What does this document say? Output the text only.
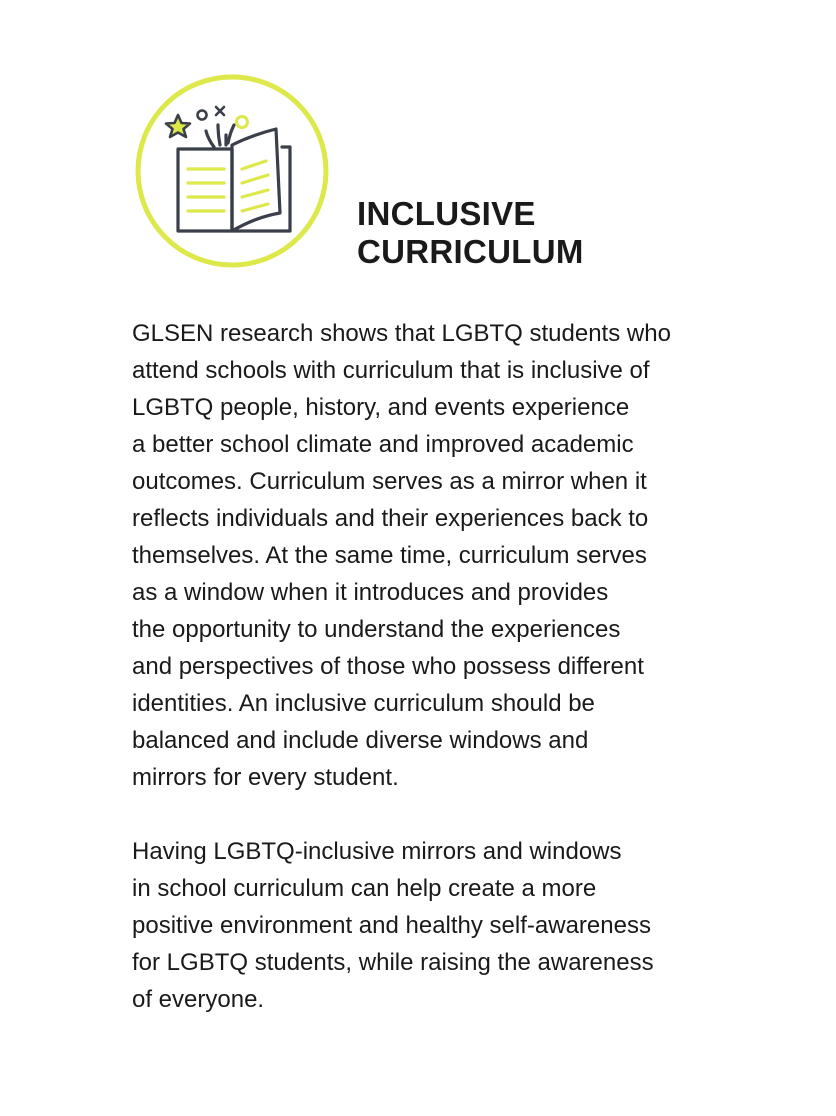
INCLUSIVE
CURRICULUM

GLSEN research shows that LGBTQ students who
attend schools with curriculum that is inclusive of
LGBTQ people, history, and events experience
a better school climate and improved academic
outcomes. Curriculum serves as a mirror when it
reflects individuals and their experiences back to
themselves. At the same time, curriculum serves
as a window when it introduces and provides
the opportunity to understand the experiences
and perspectives of those who possess different
identities. An inclusive curriculum should be
balanced and include diverse windows and
mirrors for every student.

Having LGBTQ-inclusive mirrors and windows
in school curriculum can help create a more
positive environment and healthy self-awareness
for LGBTQ students, while raising the awareness
of everyone.
